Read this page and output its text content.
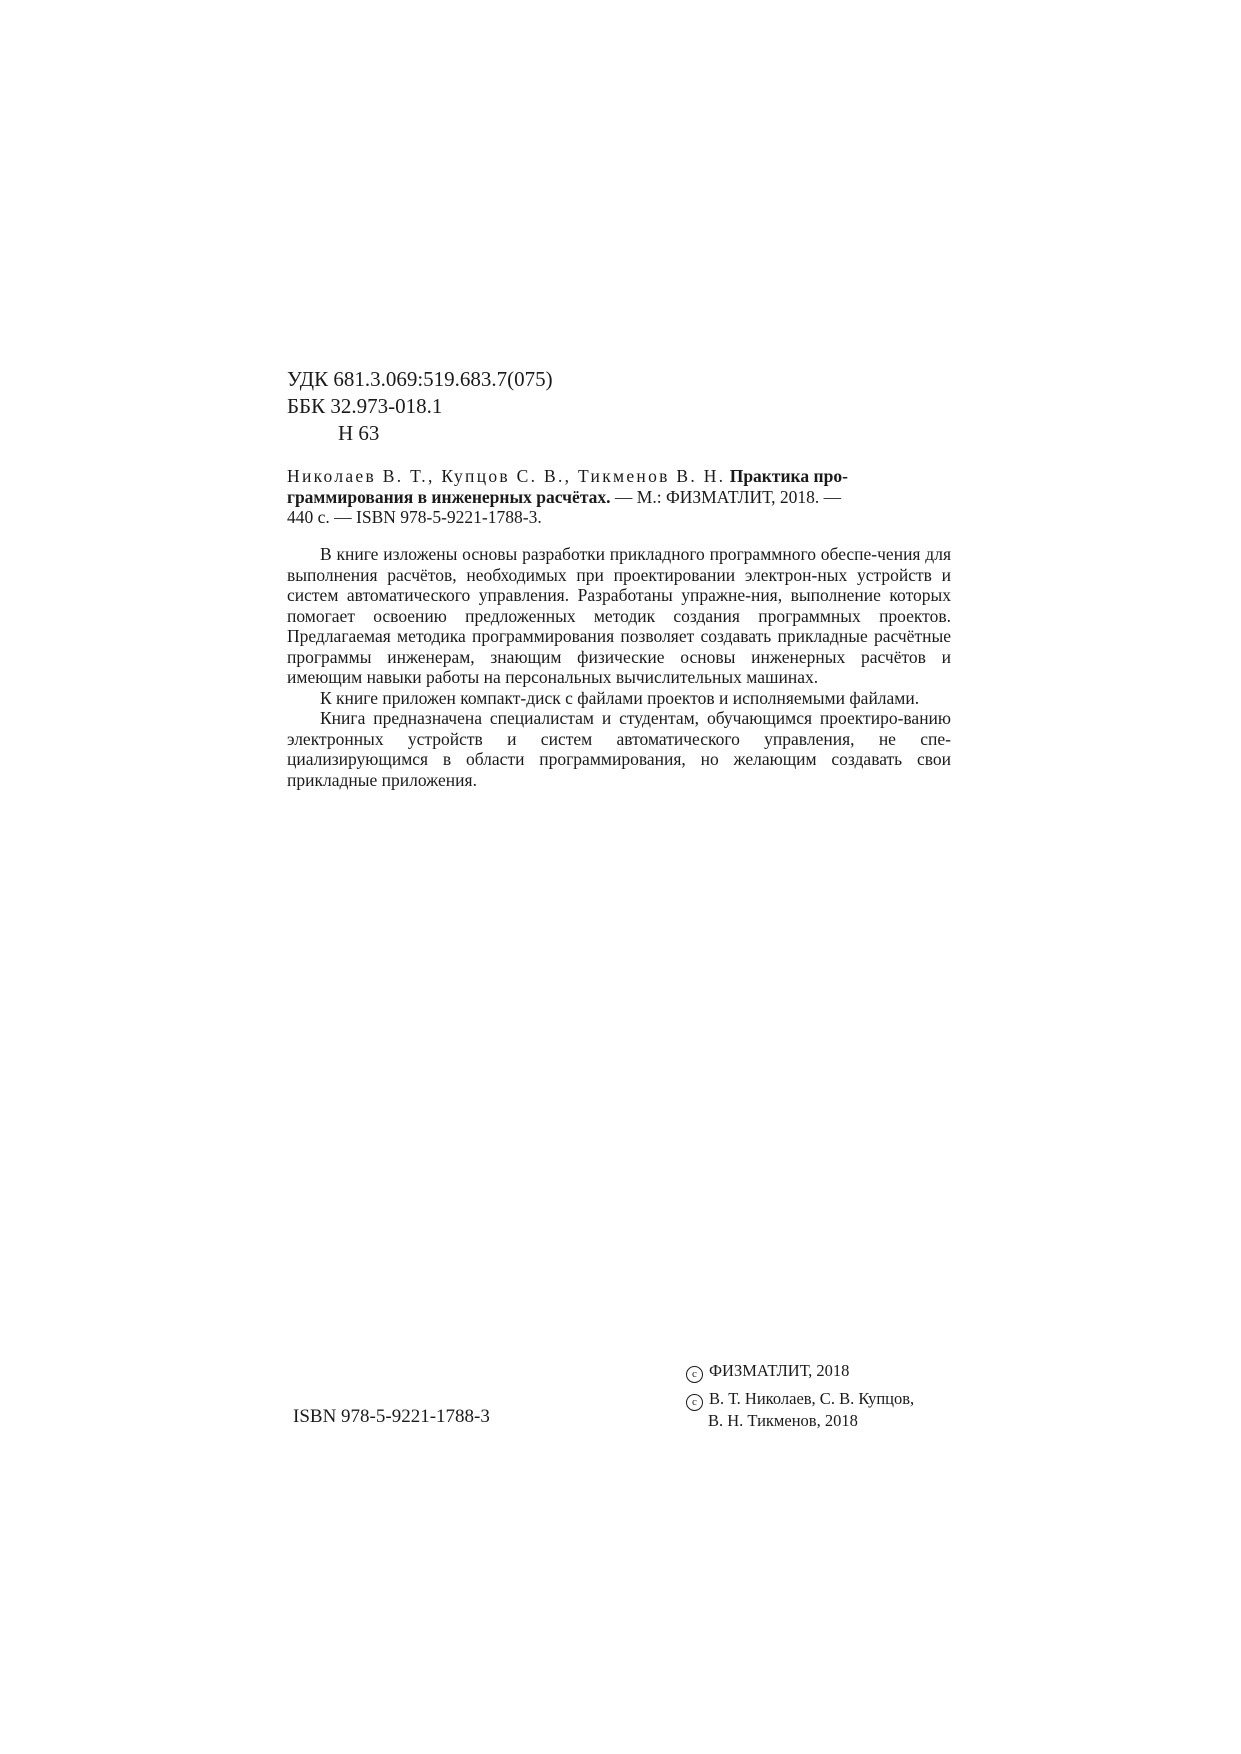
УДК 681.3.069:519.683.7(075)
ББК 32.973-018.1
Н 63
Николаев В. Т., Купцов С. В., Тикменов В. Н. Практика про-
граммирования в инженерных расчётах. — М.: ФИЗМАТЛИТ, 2018. —
440 с. — ISBN 978-5-9221-1788-3.

В книге изложены основы разработки прикладного программного обеспе-чения для выполнения расчётов, необходимых при проектировании электрон-ных устройств и систем автоматического управления. Разработаны упражне-ния, выполнение которых помогает освоению предложенных методик создания программных проектов. Предлагаемая методика программирования позволяет создавать прикладные расчётные программы инженерам, знающим физические основы инженерных расчётов и имеющим навыки работы на персональных вычислительных машинах.

К книге приложен компакт-диск с файлами проектов и исполняемыми файлами.

Книга предназначена специалистам и студентам, обучающимся проектиро-ванию электронных устройств и систем автоматического управления, не спе-циализирующимся в области программирования, но желающим создавать свои прикладные приложения.

ISBN 978-5-9221-1788-3
c ФИЗМАТЛИТ, 2018
c В. Т. Николаев, С. В. Купцов,
В. Н. Тикменов, 2018
